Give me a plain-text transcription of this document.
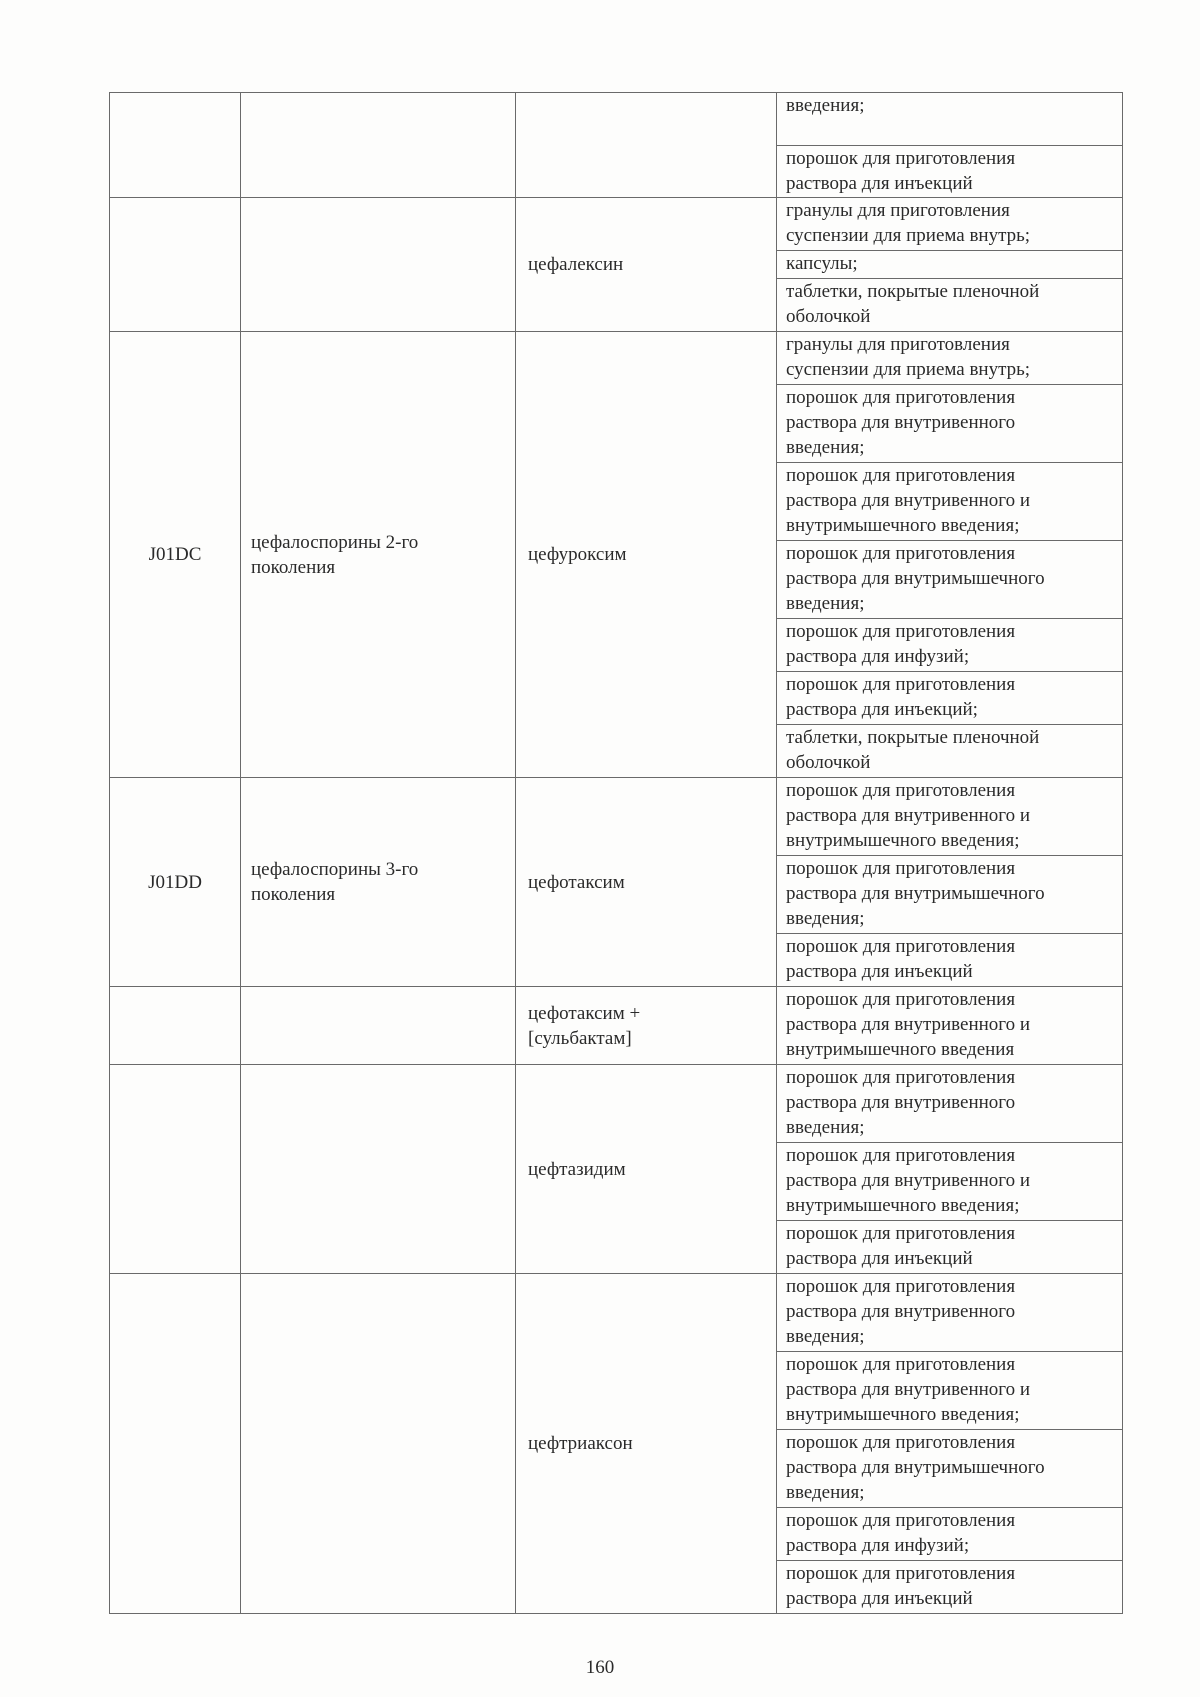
			введения;
			порошок для приготовления
раствора для инъекций
		цефалексин	гранулы для приготовления
суспензии для приема внутрь;
			капсулы;
			таблетки, покрытые пленочной
оболочкой
J01DC	цефалоспорины 2-го
поколения	цефуроксим	гранулы для приготовления
суспензии для приема внутрь;
			порошок для приготовления
раствора для внутривенного
введения;
			порошок для приготовления
раствора для внутривенного и
внутримышечного введения;
			порошок для приготовления
раствора для внутримышечного
введения;
			порошок для приготовления
раствора для инфузий;
			порошок для приготовления
раствора для инъекций;
			таблетки, покрытые пленочной
оболочкой
J01DD	цефалоспорины 3-го
поколения	цефотаксим	порошок для приготовления
раствора для внутривенного и
внутримышечного введения;
			порошок для приготовления
раствора для внутримышечного
введения;
			порошок для приготовления
раствора для инъекций
		цефотаксим +
[сульбактам]	порошок для приготовления
раствора для внутривенного и
внутримышечного введения
		цефтазидим	порошок для приготовления
раствора для внутривенного
введения;
			порошок для приготовления
раствора для внутривенного и
внутримышечного введения;
			порошок для приготовления
раствора для инъекций
		цефтриаксон	порошок для приготовления
раствора для внутривенного
введения;
			порошок для приготовления
раствора для внутривенного и
внутримышечного введения;
			порошок для приготовления
раствора для внутримышечного
введения;
			порошок для приготовления
раствора для инфузий;
			порошок для приготовления
раствора для инъекций
160
